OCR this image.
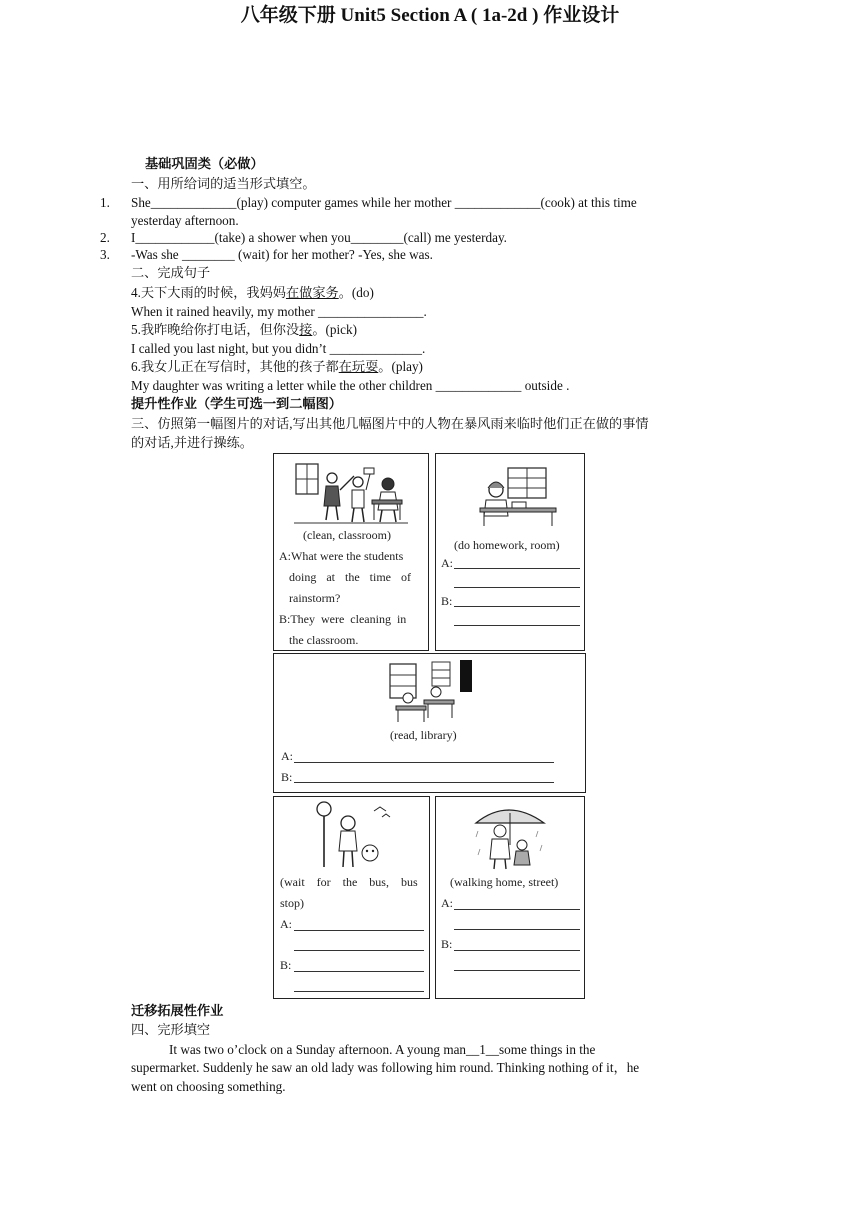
八年级下册 Unit5 Section A ( 1a-2d ) 作业设计
基础巩固类（必做）
一、用所给词的适当形式填空。
1. She_____________(play) computer games while her mother _____________(cook) at this time
yesterday afternoon.
2. I____________(take) a shower when you________(call) me yesterday.
3. -Was she ________ (wait) for her mother? -Yes, she was.
二、完成句子
4.天下大雨的时候，我妈妈在做家务。(do)
When it rained heavily, my mother ________________.
5.我昨晚给你打电话，但你没接。(pick)
I called you last night, but you didn’t ______________.
6.我女儿正在写信时，其他的孩子都在玩耍。(play)
My daughter was writing a letter while the other children _____________ outside .
提升性作业（学生可选一到二幅图）
三、仿照第一幅图片的对话,写出其他几幅图片中的人物在暴风雨来临时他们正在做的事情
的对话,并进行操练。
(clean, classroom)
A:What were the students
doing at the time of
rainstorm?
B:They were cleaning in
the classroom.
(do homework, room)
A:
B:
(read, library)
A:
B:
(wait for the bus, bus
stop)
A:
B:
(walking home, street)
A:
B:
迁移拓展性作业
四、完形填空
It was two o’clock on a Sunday afternoon. A young man__1__some things in the
supermarket. Suddenly he saw an old lady was following him round. Thinking nothing of it，he
went on choosing something.
